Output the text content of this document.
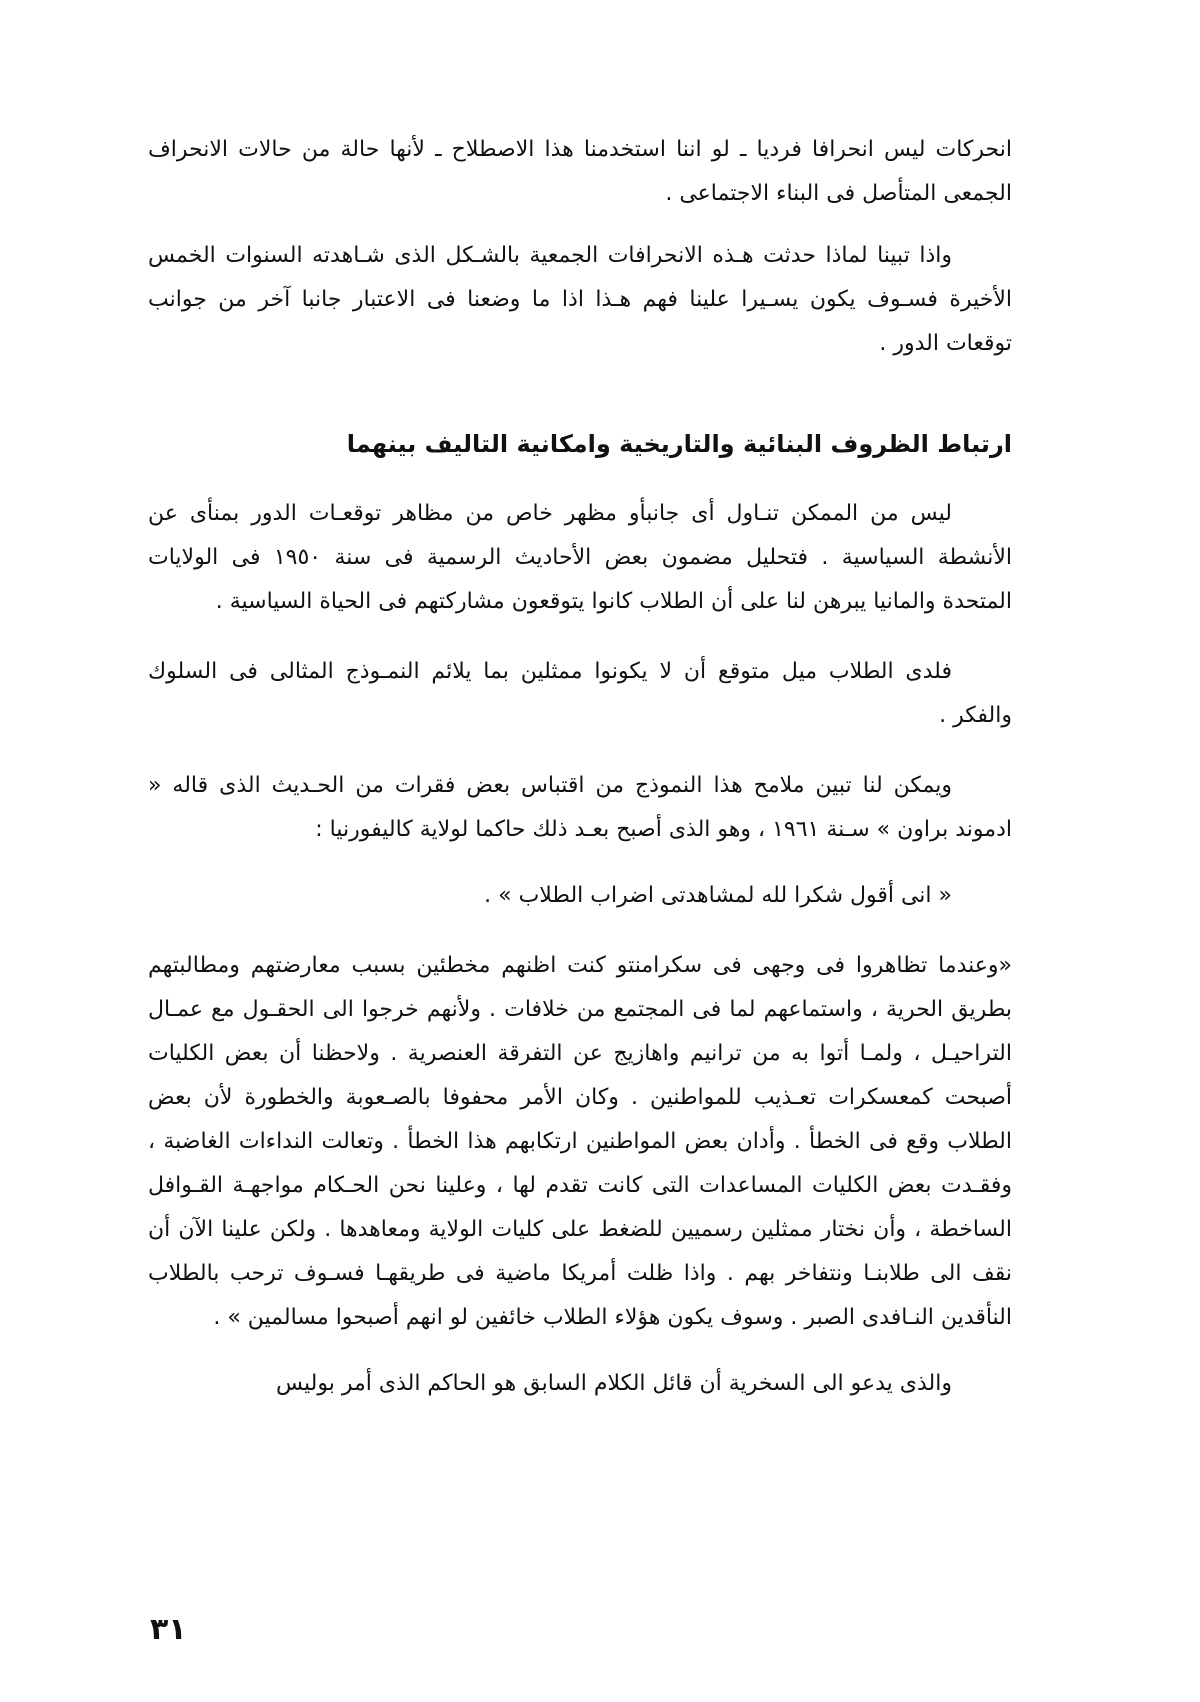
انحركات ليس انحرافا فرديا ـ لو اننا استخدمنا هذا الاصطلاح ـ لأنها حالة من حالات الانحراف الجمعى المتأصل فى البناء الاجتماعى .

واذا تبينا لماذا حدثت هـذه الانحرافات الجمعية بالشـكل الذى شـاهدته السنوات الخمس الأخيرة فسـوف يكون يسـيرا علينا فهم هـذا اذا ما وضعنا فى الاعتبار جانبا آخر من جوانب توقعات الدور .

ارتباط الظروف البنائية والتاريخية وامكانية التاليف بينهما

ليس من الممكن تنـاول أى جانبأو مظهر خاص من مظاهر توقعـات الدور بمنأى عن الأنشطة السياسية . فتحليل مضمون بعض الأحاديث الرسمية فى سنة ١٩٥٠ فى الولايات المتحدة والمانيا يبرهن لنا على أن الطلاب كانوا يتوقعون مشاركتهم فى الحياة السياسية .

فلدى الطلاب ميل متوقع أن لا يكونوا ممثلين بما يلائم النمـوذج المثالى فى السلوك والفكر .

ويمكن لنا تبين ملامح هذا النموذج من اقتباس بعض فقرات من الحـديث الذى قاله « ادموند براون » سـنة ١٩٦١ ، وهو الذى أصبح بعـد ذلك حاكما لولاية كاليفورنيا :

« انى أقول شكرا لله لمشاهدتى اضراب الطلاب » .

«وعندما تظاهروا فى وجهى فى سكرامنتو كنت اظنهم مخطئين بسبب معارضتهم ومطالبتهم بطريق الحرية ، واستماعهم لما فى المجتمع من خلافات . ولأنهم خرجوا الى الحقـول مع عمـال التراحيـل ، ولمـا أتوا به من ترانيم واهازيج عن التفرقة العنصرية . ولاحظنا أن بعض الكليات أصبحت كمعسكرات تعـذيب للمواطنين . وكان الأمر محفوفا بالصـعوبة والخطورة لأن بعض الطلاب وقع فى الخطأ . وأدان بعض المواطنين ارتكابهم هذا الخطأ . وتعالت النداءات الغاضبة ، وفقـدت بعض الكليات المساعدات التى كانت تقدم لها ، وعلينا نحن الحـكام مواجهـة القـوافل الساخطة ، وأن نختار ممثلين رسميين للضغط على كليات الولاية ومعاهدها . ولكن علينا الآن أن نقف الى طلابنـا ونتفاخر بهم . واذا ظلت أمريكا ماضية فى طريقهـا فسـوف ترحب بالطلاب النأقدين النـافدى الصبر . وسوف يكون هؤلاء الطلاب خائفين لو انهم أصبحوا مسالمين » .

والذى يدعو الى السخرية أن قائل الكلام السابق هو الحاكم الذى أمر بوليس

٣١
